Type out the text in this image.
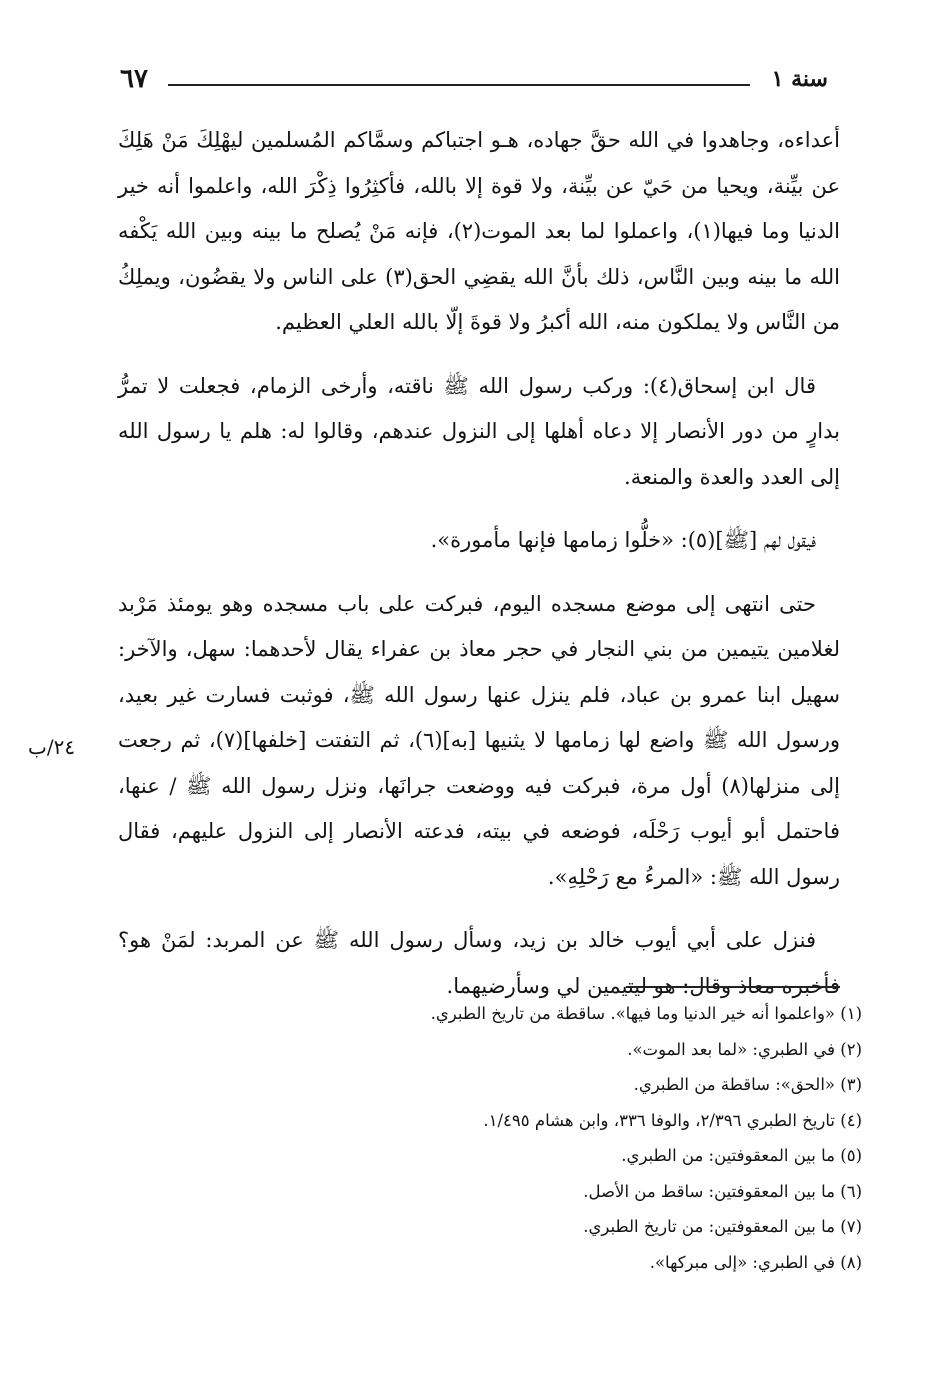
٦٧	سنة ١

أعداءه، وجاهدوا في الله حقَّ جهاده، هـو اجتباكم وسمَّاكم المُسلمين ليهْلِكَ مَنْ هَلِكَ عن بيِّنة، ويحيا من حَيّ عن بيِّنة، ولا قوة إلا بالله، فأكثِرُوا ذِكْرَ الله، واعلموا أنه خير الدنيا وما فيها(١)، واعملوا لما بعد الموت(٢)، فإنه مَنْ يُصلح ما بينه وبين الله يَكْفه الله ما بينه وبين النَّاس، ذلك بأنَّ الله يقضِي الحق(٣) على الناس ولا يقضُون، ويملِكُ من النَّاس ولا يملكون منه، الله أكبرُ ولا قوةَ إلّا بالله العلي العظيم.

قال ابن إسحاق(٤): وركب رسول الله ﷺ ناقته، وأرخى الزمام، فجعلت لا تمرُّ بدارٍ من دور الأنصار إلا دعاه أهلها إلى النزول عندهم، وقالوا له: هلم يا رسول الله إلى العدد والعدة والمنعة.

فيقول لهم [ﷺ](٥): «خلُّوا زمامها فإنها مأمورة».

حتى انتهى إلى موضع مسجده اليوم، فبركت على باب مسجده وهو يومئذ مَرْبد لغلامين يتيمين من بني النجار في حجر معاذ بن عفراء يقال لأحدهما: سهل، والآخر: سهيل ابنا عمرو بن عباد، فلم ينزل عنها رسول الله ﷺ، فوثبت فسارت غير بعيد، ورسول الله ﷺ واضع لها زمامها لا يثنيها [به](٦)، ثم التفتت [خلفها](٧)، ثم رجعت إلى منزلها(٨) أول مرة، فبركت فيه ووضعت جرانَها، ونزل رسول الله ﷺ / عنها، فاحتمل أبو أيوب رَحْلَه، فوضعه في بيته، فدعته الأنصار إلى النزول عليهم، فقال رسول الله ﷺ: «المرءُ مع رَحْلِهِ».

فنزل على أبي أيوب خالد بن زيد، وسأل رسول الله ﷺ عن المربد: لمَنْ هو؟ فأخبره معاذ وقال: هو ليتيمين لي وسأرضيهما.

٢٤/ب
(١) «واعلموا أنه خير الدنيا وما فيها». ساقطة من تاريخ الطبري.
(٢) في الطبري: «لما بعد الموت».
(٣) «الحق»: ساقطة من الطبري.
(٤) تاريخ الطبري ٢/٣٩٦، والوفا ٣٣٦، وابن هشام ١/٤٩٥.
(٥) ما بين المعقوفتين: من الطبري.
(٦) ما بين المعقوفتين: ساقط من الأصل.
(٧) ما بين المعقوفتين: من تاريخ الطبري.
(٨) في الطبري: «إلى مبركها».
